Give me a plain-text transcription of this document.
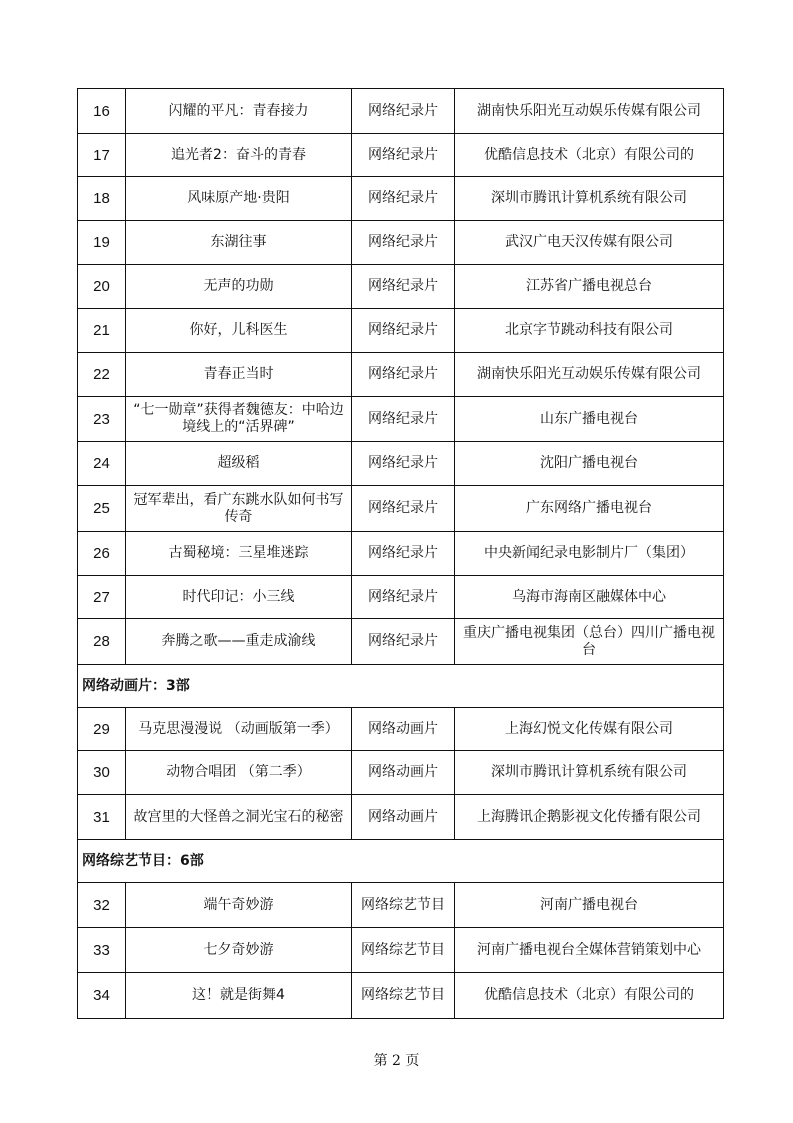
16	闪耀的平凡：青春接力	网络纪录片	湖南快乐阳光互动娱乐传媒有限公司
17	追光者2：奋斗的青春	网络纪录片	优酷信息技术（北京）有限公司的
18	风味原产地·贵阳	网络纪录片	深圳市腾讯计算机系统有限公司
19	东湖往事	网络纪录片	武汉广电天汉传媒有限公司
20	无声的功勋	网络纪录片	江苏省广播电视总台
21	你好，儿科医生	网络纪录片	北京字节跳动科技有限公司
22	青春正当时	网络纪录片	湖南快乐阳光互动娱乐传媒有限公司
23	“七一勋章”获得者魏德友：中哈边境线上的“活界碑”	网络纪录片	山东广播电视台
24	超级稻	网络纪录片	沈阳广播电视台
25	冠军辈出，看广东跳水队如何书写传奇	网络纪录片	广东网络广播电视台
26	古蜀秘境：三星堆迷踪	网络纪录片	中央新闻纪录电影制片厂（集团）
27	时代印记：小三线	网络纪录片	乌海市海南区融媒体中心
28	奔腾之歌——重走成渝线	网络纪录片	重庆广播电视集团（总台）四川广播电视台
网络动画片：3部			
29	马克思漫漫说 （动画版第一季）	网络动画片	上海幻悦文化传媒有限公司
30	动物合唱团 （第二季）	网络动画片	深圳市腾讯计算机系统有限公司
31	故宫里的大怪兽之洞光宝石的秘密	网络动画片	上海腾讯企鹅影视文化传播有限公司
网络综艺节目：6部			
32	端午奇妙游	网络综艺节目	河南广播电视台
33	七夕奇妙游	网络综艺节目	河南广播电视台全媒体营销策划中心
34	这！就是街舞4	网络综艺节目	优酷信息技术（北京）有限公司的
第 2 页
